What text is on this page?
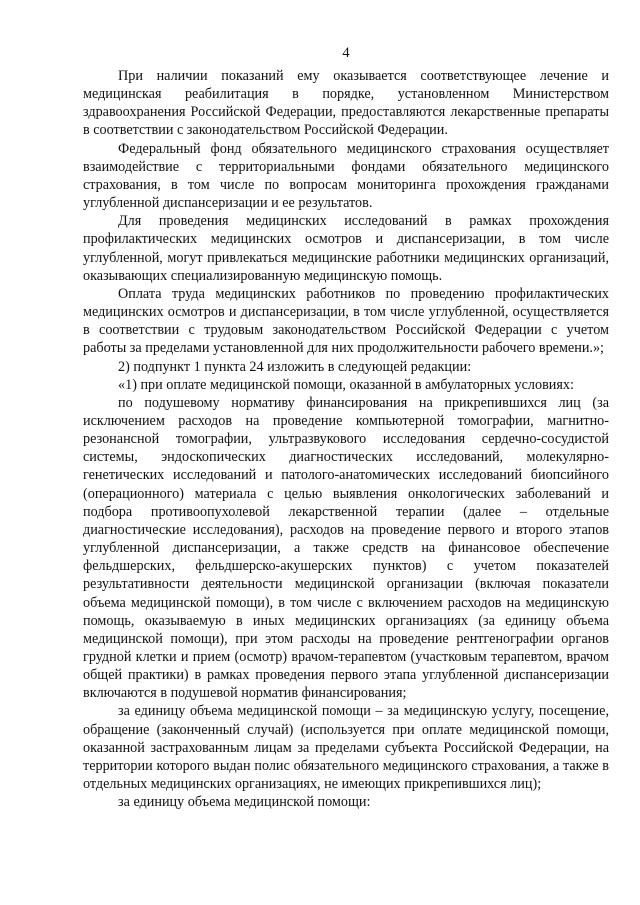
4

При наличии показаний ему оказывается соответствующее лечение и медицинская реабилитация в порядке, установленном Министерством здравоохранения Российской Федерации, предоставляются лекарственные препараты в соответствии с законодательством Российской Федерации.

Федеральный фонд обязательного медицинского страхования осуществляет взаимодействие с территориальными фондами обязательного медицинского страхования, в том числе по вопросам мониторинга прохождения гражданами углубленной диспансеризации и ее результатов.

Для проведения медицинских исследований в рамках прохождения профилактических медицинских осмотров и диспансеризации, в том числе углубленной, могут привлекаться медицинские работники медицинских организаций, оказывающих специализированную медицинскую помощь.

Оплата труда медицинских работников по проведению профилактических медицинских осмотров и диспансеризации, в том числе углубленной, осуществляется в соответствии с трудовым законодательством Российской Федерации с учетом работы за пределами установленной для них продолжительности рабочего времени.»;

2) подпункт 1 пункта 24 изложить в следующей редакции:

«1) при оплате медицинской помощи, оказанной в амбулаторных условиях:

по подушевому нормативу финансирования на прикрепившихся лиц (за исключением расходов на проведение компьютерной томографии, магнитно-резонансной томографии, ультразвукового исследования сердечно-сосудистой системы, эндоскопических диагностических исследований, молекулярно-генетических исследований и патолого-анатомических исследований биопсийного (операционного) материала с целью выявления онкологических заболеваний и подбора противоопухолевой лекарственной терапии (далее – отдельные диагностические исследования), расходов на проведение первого и второго этапов углубленной диспансеризации, а также средств на финансовое обеспечение фельдшерских, фельдшерско-акушерских пунктов) с учетом показателей результативности деятельности медицинской организации (включая показатели объема медицинской помощи), в том числе с включением расходов на медицинскую помощь, оказываемую в иных медицинских организациях (за единицу объема медицинской помощи), при этом расходы на проведение рентгенографии органов грудной клетки и прием (осмотр) врачом-терапевтом (участковым терапевтом, врачом общей практики) в рамках проведения первого этапа углубленной диспансеризации включаются в подушевой норматив финансирования;

за единицу объема медицинской помощи – за медицинскую услугу, посещение, обращение (законченный случай) (используется при оплате медицинской помощи, оказанной застрахованным лицам за пределами субъекта Российской Федерации, на территории которого выдан полис обязательного медицинского страхования, а также в отдельных медицинских организациях, не имеющих прикрепившихся лиц);

за единицу объема медицинской помощи:
